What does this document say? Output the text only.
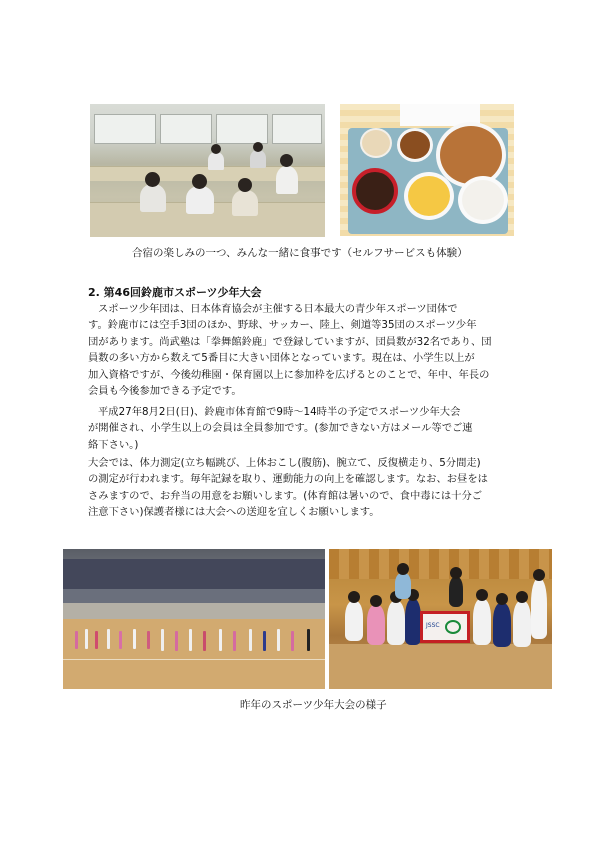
合宿の楽しみの一つ、みんな一緒に食事です（セルフサービスも体験）
2. 第46回鈴鹿市スポーツ少年大会
スポーツ少年団は、日本体育協会が主催する日本最大の青少年スポーツ団体で
す。鈴鹿市には空手3団のほか、野球、サッカー、陸上、剣道等35団のスポーツ少年
団があります。尚武塾は「拳舞館鈴鹿」で登録していますが、団員数が32名であり、団
員数の多い方から数えて5番目に大きい団体となっています。現在は、小学生以上が
加入資格ですが、今後幼稚園・保育園以上に参加枠を広げるとのことで、年中、年長の
会員も今後参加できる予定です。
平成27年8月2日(日)、鈴鹿市体育館で9時～14時半の予定でスポーツ少年大会
が開催され、小学生以上の会員は全員参加です。(参加できない方はメール等でご連
絡下さい。)
大会では、体力測定(立ち幅跳び、上体おこし(腹筋)、腕立て、反復横走り、5分間走)
の測定が行われます。毎年記録を取り、運動能力の向上を確認します。なお、お昼をは
さみますので、お弁当の用意をお願いします。(体育館は暑いので、食中毒には十分ご
注意下さい)保護者様には大会への送迎を宜しくお願いします。
JSSC
昨年のスポーツ少年大会の様子
